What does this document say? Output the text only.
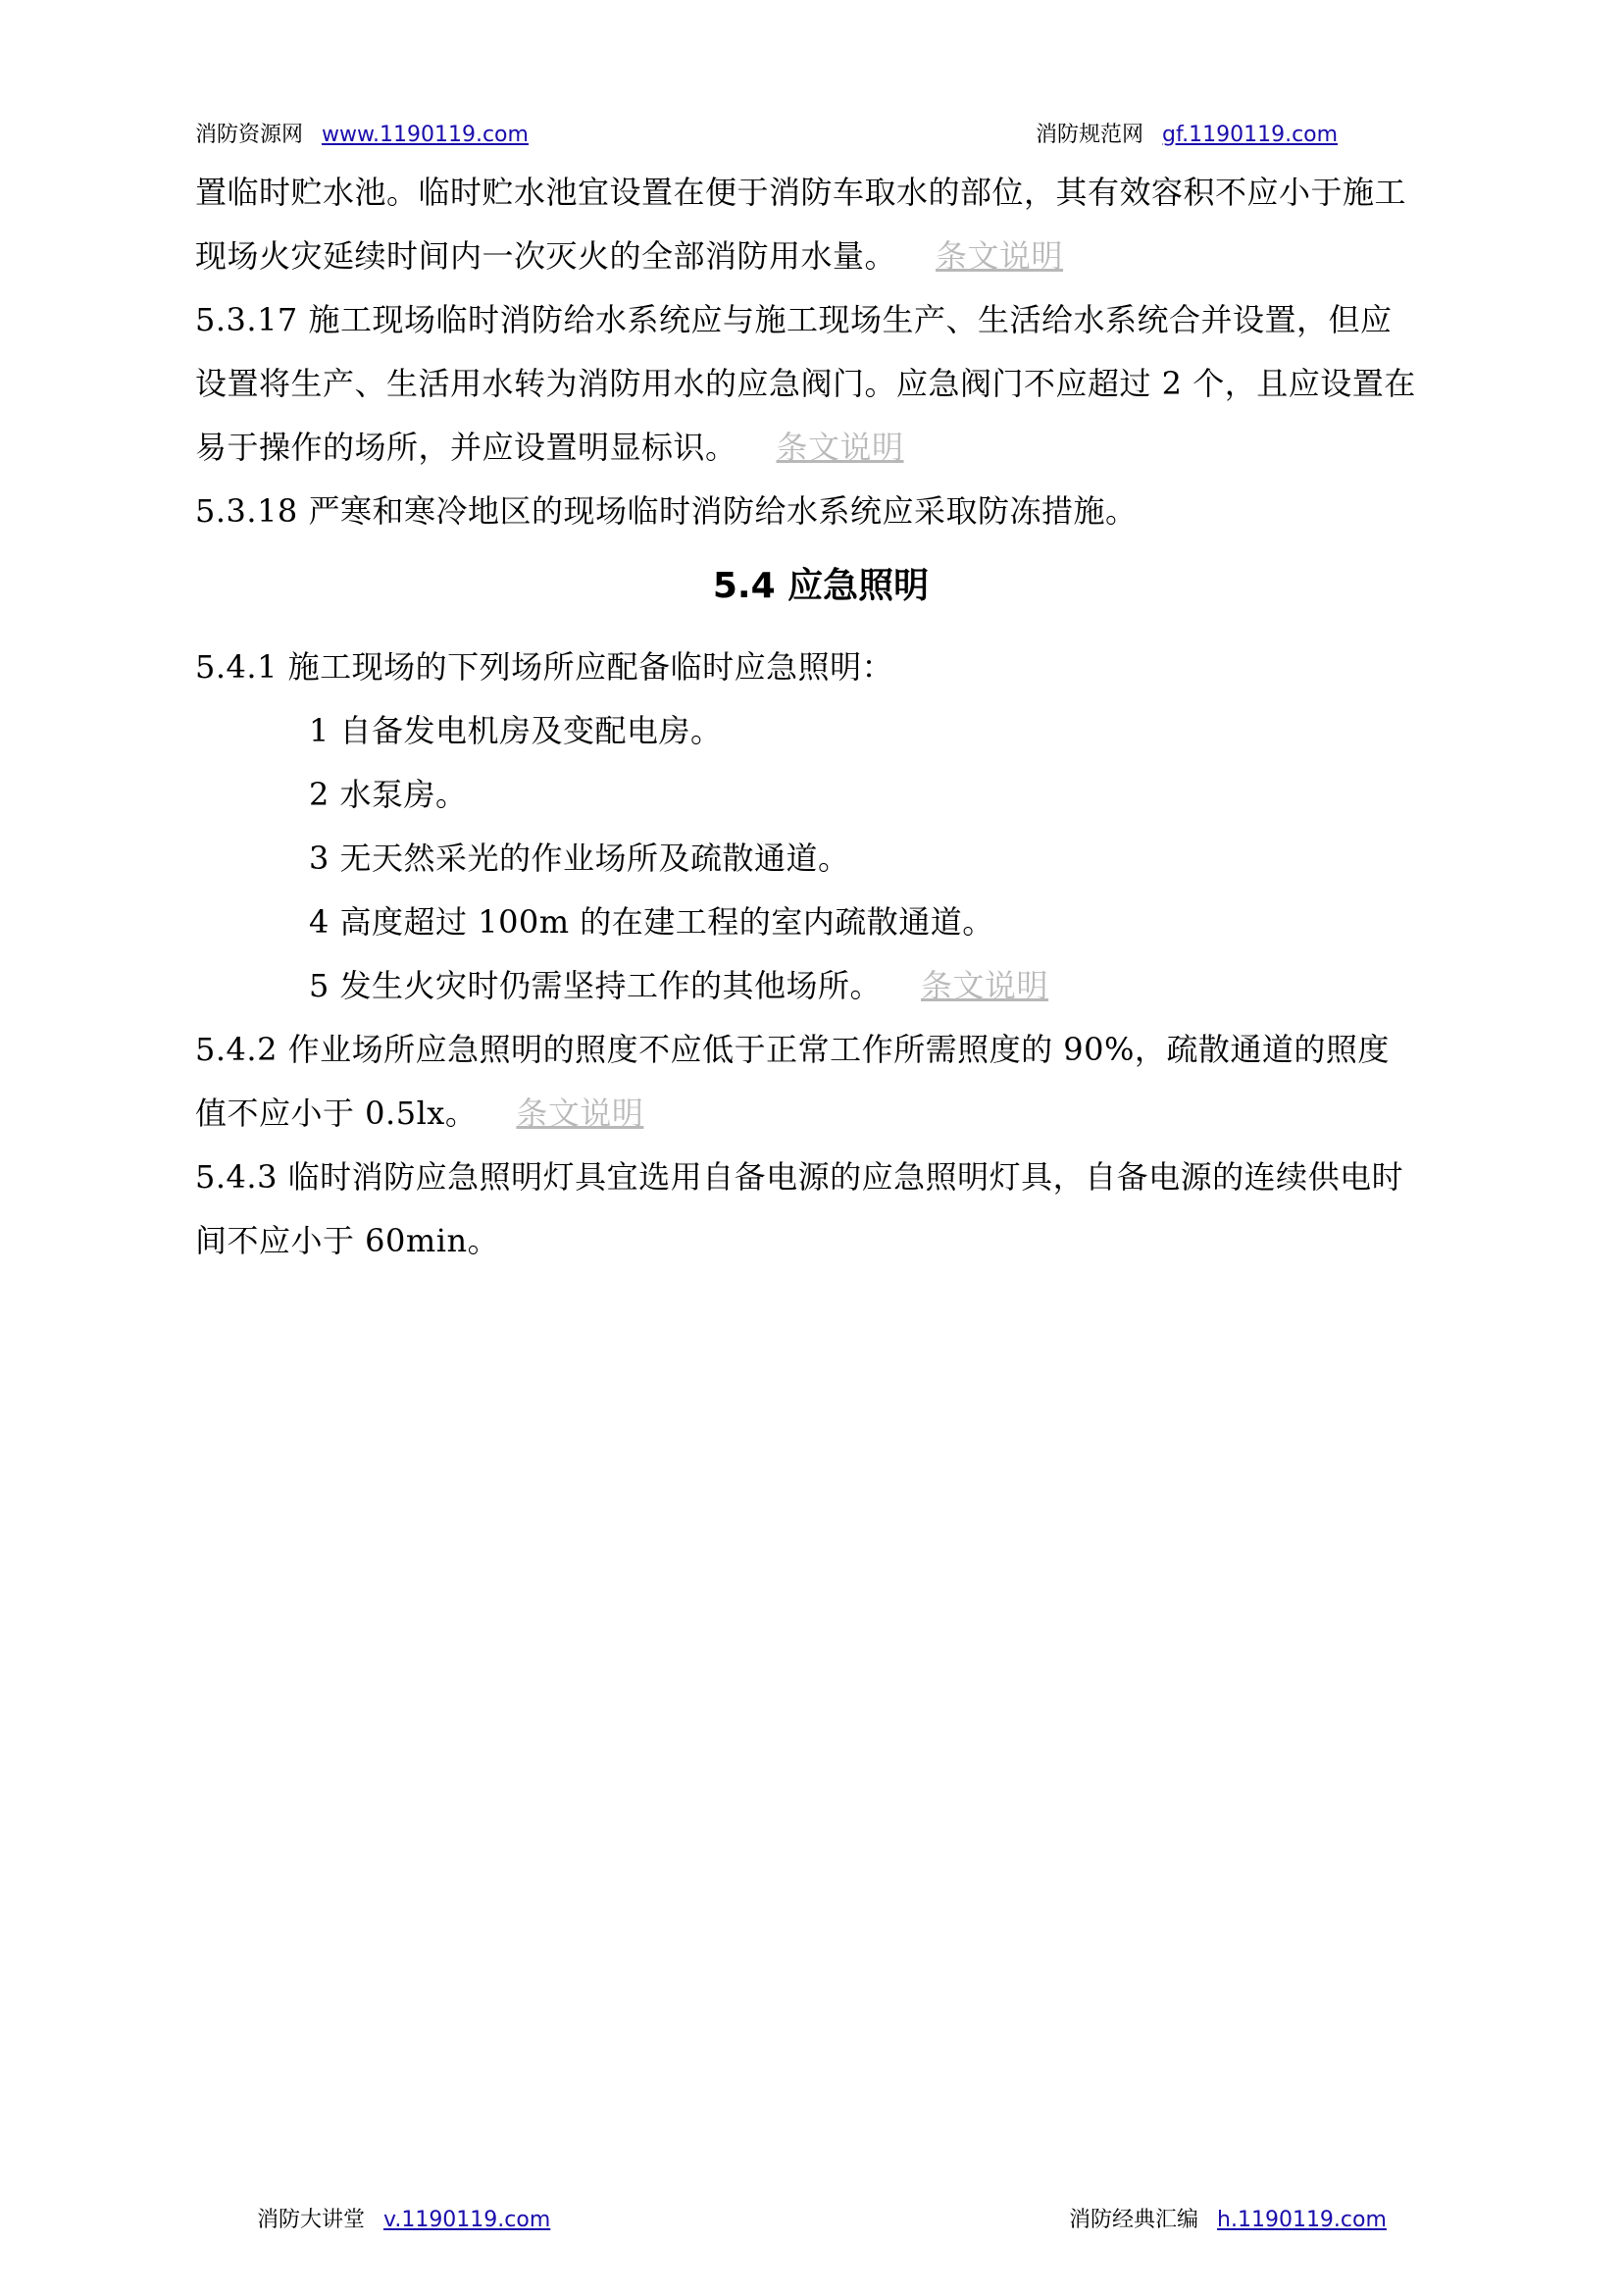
消防资源网 www.1190119.com	消防规范网 gf.1190119.com

置临时贮水池。临时贮水池宜设置在便于消防车取水的部位，其有效容积不应小于施工
现场火灾延续时间内一次灭火的全部消防用水量。 条文说明

5.3.17 施工现场临时消防给水系统应与施工现场生产、生活给水系统合并设置，但应
设置将生产、生活用水转为消防用水的应急阀门。应急阀门不应超过 2 个，且应设置在
易于操作的场所，并应设置明显标识。 条文说明

5.3.18 严寒和寒冷地区的现场临时消防给水系统应采取防冻措施。

5.4 应急照明

5.4.1 施工现场的下列场所应配备临时应急照明：

1 自备发电机房及变配电房。

2 水泵房。

3 无天然采光的作业场所及疏散通道。

4 高度超过 100m 的在建工程的室内疏散通道。

5 发生火灾时仍需坚持工作的其他场所。 条文说明

5.4.2 作业场所应急照明的照度不应低于正常工作所需照度的 90%，疏散通道的照度
值不应小于 0.5lx。 条文说明

5.4.3 临时消防应急照明灯具宜选用自备电源的应急照明灯具，自备电源的连续供电时
间不应小于 60min。

消防大讲堂 v.1190119.com	消防经典汇编 h.1190119.com
